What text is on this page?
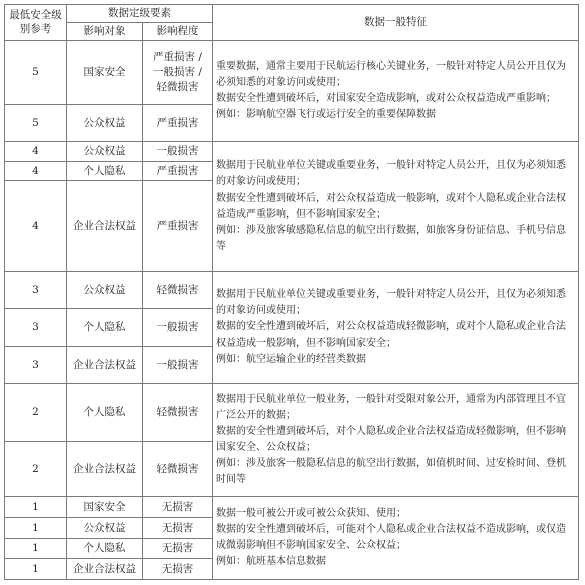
最低安全级别参考	数据定级要素		数据一般特征
	影响对象	影响程度	
5	国家安全	严重损害 /
一般损害 /
轻微损害	重要数据，通常主要用于民航运行核心关键业务，一般针对特定人员公开且仅为必须知悉的对象访问或使用；
数据安全性遭到破坏后，对国家安全造成影响，或对公众权益造成严重影响；
例如：影响航空器飞行或运行安全的重要保障数据

5	公众权益	严重损害	
4	公众权益	一般损害	数据用于民航业单位关键或重要业务，一般针对特定人员公开，且仅为必须知悉的对象访问或使用；
数据安全性遭到破坏后，对公众权益造成一般影响，或对个人隐私或企业合法权益造成严重影响，但不影响国家安全；
例如：涉及旅客敏感隐私信息的航空出行数据，如旅客身份证信息、手机号信息等

4	个人隐私	严重损害	
4	企业合法权益	严重损害	
3	公众权益	轻微损害	数据用于民航业单位关键或重要业务，一般针对特定人员公开，且仅为必须知悉的对象访问或使用；
数据的安全性遭到破坏后，对公众权益造成轻微影响，或对个人隐私或企业合法权益造成一般影响，但不影响国家安全；
例如：航空运输企业的经营类数据

3	个人隐私	一般损害	
3	企业合法权益	一般损害	
2	个人隐私	轻微损害	数据用于民航业单位一般业务，一般针对受限对象公开，通常为内部管理且不宜广泛公开的数据；
数据的安全性遭到破坏后，对个人隐私或企业合法权益造成轻微影响，但不影响国家安全、公众权益；
例如：涉及旅客一般隐私信息的航空出行数据，如值机时间、过安检时间、登机时间等

2	企业合法权益	轻微损害	
1	国家安全	无损害	数据一般可被公开或可被公众获知、使用；
数据的安全性遭到破坏后，可能对个人隐私或企业合法权益不造成影响，或仅造成微弱影响但不影响国家安全、公众权益；
例如：航班基本信息数据

1	公众权益	无损害	
1	个人隐私	无损害	
1	企业合法权益	无损害	
